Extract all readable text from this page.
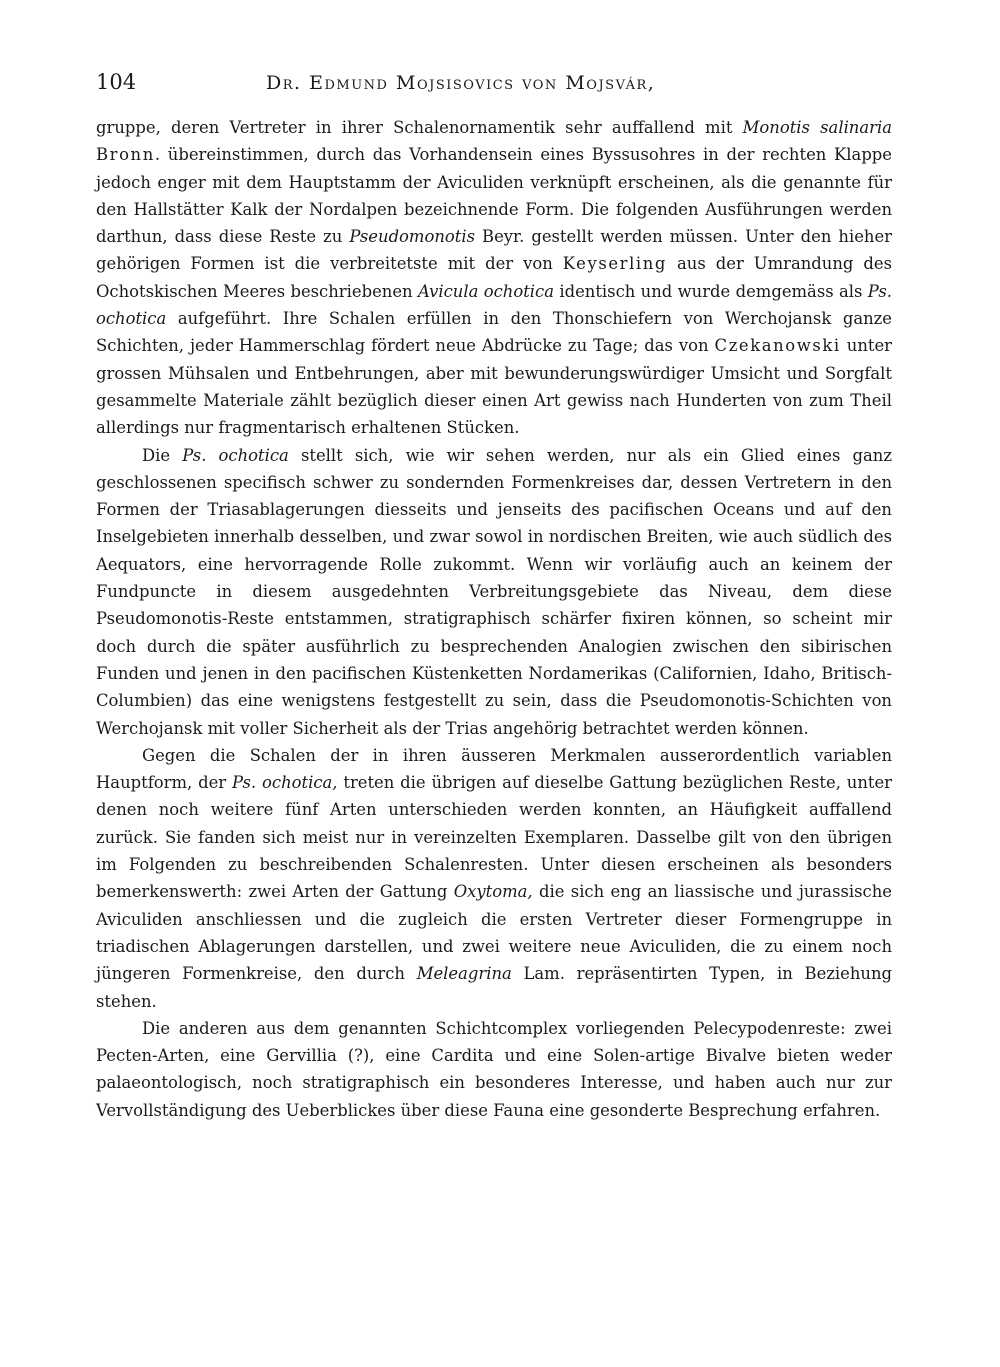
104	Dr. Edmund Mojsisovics von Mojsvár,

gruppe, deren Vertreter in ihrer Schalenornamentik sehr auffallend mit Monotis salinaria Bronn. übereinstimmen, durch das Vorhandensein eines Byssusohres in der rechten Klappe jedoch enger mit dem Hauptstamm der Aviculiden verknüpft erscheinen, als die genannte für den Hallstätter Kalk der Nordalpen bezeichnende Form. Die folgenden Ausführungen werden darthun, dass diese Reste zu Pseudomonotis Beyr. gestellt werden müssen. Unter den hieher gehörigen Formen ist die verbreitetste mit der von Keyserling aus der Umrandung des Ochotskischen Meeres beschriebenen Avicula ochotica identisch und wurde demgemäss als Ps. ochotica aufgeführt. Ihre Schalen erfüllen in den Thonschiefern von Werchojansk ganze Schichten, jeder Hammerschlag fördert neue Abdrücke zu Tage; das von Czekanowski unter grossen Mühsalen und Entbehrungen, aber mit bewunderungswürdiger Umsicht und Sorgfalt gesammelte Materiale zählt bezüglich dieser einen Art gewiss nach Hunderten von zum Theil allerdings nur fragmentarisch erhaltenen Stücken.

Die Ps. ochotica stellt sich, wie wir sehen werden, nur als ein Glied eines ganz geschlossenen specifisch schwer zu sondernden Formenkreises dar, dessen Vertretern in den Formen der Triasablagerungen diesseits und jenseits des pacifischen Oceans und auf den Inselgebieten innerhalb desselben, und zwar sowol in nordischen Breiten, wie auch südlich des Aequators, eine hervorragende Rolle zukommt. Wenn wir vorläufig auch an keinem der Fundpuncte in diesem ausgedehnten Verbreitungsgebiete das Niveau, dem diese Pseudomonotis-Reste entstammen, stratigraphisch schärfer fixiren können, so scheint mir doch durch die später ausführlich zu besprechenden Analogien zwischen den sibirischen Funden und jenen in den pacifischen Küstenketten Nordamerikas (Californien, Idaho, Britisch-Columbien) das eine wenigstens festgestellt zu sein, dass die Pseudomonotis-Schichten von Werchojansk mit voller Sicherheit als der Trias angehörig betrachtet werden können.

Gegen die Schalen der in ihren äusseren Merkmalen ausserordentlich variablen Hauptform, der Ps. ochotica, treten die übrigen auf dieselbe Gattung bezüglichen Reste, unter denen noch weitere fünf Arten unterschieden werden konnten, an Häufigkeit auffallend zurück. Sie fanden sich meist nur in vereinzelten Exemplaren. Dasselbe gilt von den übrigen im Folgenden zu beschreibenden Schalenresten. Unter diesen erscheinen als besonders bemerkenswerth: zwei Arten der Gattung Oxytoma, die sich eng an liassische und jurassische Aviculiden anschliessen und die zugleich die ersten Vertreter dieser Formengruppe in triadischen Ablagerungen darstellen, und zwei weitere neue Aviculiden, die zu einem noch jüngeren Formenkreise, den durch Meleagrina Lam. repräsentirten Typen, in Beziehung stehen.

Die anderen aus dem genannten Schichtcomplex vorliegenden Pelecypodenreste: zwei Pecten-Arten, eine Gervillia (?), eine Cardita und eine Solen-artige Bivalve bieten weder palaeontologisch, noch stratigraphisch ein besonderes Interesse, und haben auch nur zur Vervollständigung des Ueberblickes über diese Fauna eine gesonderte Besprechung erfahren.
